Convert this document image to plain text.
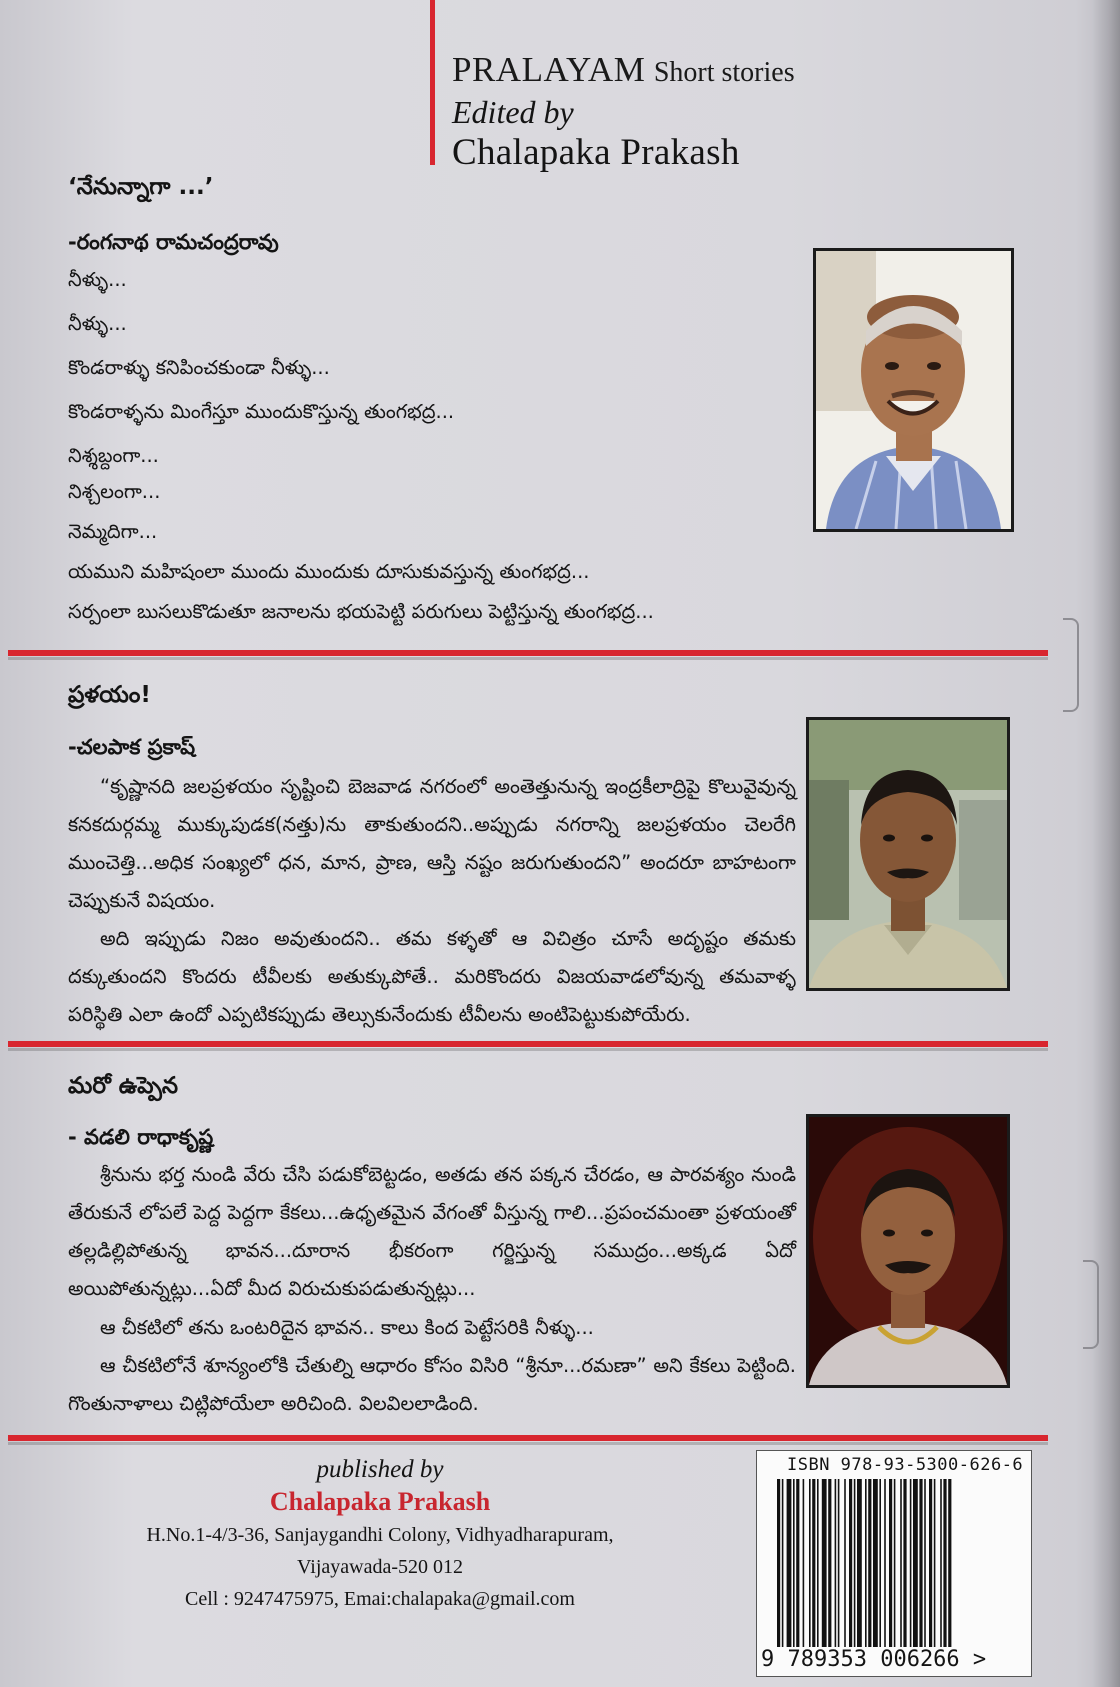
PRALAYAM Short stories
Edited by
Chalapaka Prakash
‘నేనున్నాగా ...’
-రంగనాథ రామచంద్రరావు
నీళ్ళు...
నీళ్ళు...
కొండరాళ్ళు కనిపించకుండా నీళ్ళు...
కొండరాళ్ళను మింగేస్తూ ముందుకొస్తున్న తుంగభద్ర...
నిశ్శబ్దంగా...
నిశ్చలంగా...
నెమ్మదిగా...
యముని మహిషంలా ముందు ముందుకు దూసుకువస్తున్న తుంగభద్ర...
సర్పంలా బుసలుకొడుతూ జనాలను భయపెట్టి పరుగులు పెట్టిస్తున్న తుంగభద్ర...
ప్రళయం!
-చలపాక ప్రకాష్
“కృష్ణానది జలప్రళయం సృష్టించి బెజవాడ నగరంలో అంతెత్తునున్న ఇంద్రకీలాద్రిపై కొలువైవున్న కనకదుర్గమ్మ ముక్కుపుడక(నత్తు)ను తాకుతుందని..అప్పుడు నగరాన్ని జలప్రళయం చెలరేగి ముంచెత్తి...అధిక సంఖ్యలో ధన, మాన, ప్రాణ, ఆస్తి నష్టం జరుగుతుందని” అందరూ బాహటంగా చెప్పుకునే విషయం.
అది ఇప్పుడు నిజం అవుతుందని.. తమ కళ్ళతో ఆ విచిత్రం చూసే అదృష్టం తమకు దక్కుతుందని కొందరు టీవీలకు అతుక్కుపోతే.. మరికొందరు విజయవాడలోవున్న తమవాళ్ళ పరిస్థితి ఎలా ఉందో ఎప్పటికప్పుడు తెల్సుకునేందుకు టీవీలను అంటిపెట్టుకుపోయేరు.
మరో ఉప్పెన
- వడలి రాధాకృష్ణ
శ్రీనును భర్త నుండి వేరు చేసి పడుకోబెట్టడం, అతడు తన పక్కన చేరడం, ఆ పారవశ్యం నుండి తేరుకునే లోపలే పెద్ద పెద్దగా కేకలు...ఉధృతమైన వేగంతో వీస్తున్న గాలి...ప్రపంచమంతా ప్రళయంతో తల్లడిల్లిపోతున్న భావన...దూరాన భీకరంగా గర్జిస్తున్న సముద్రం...అక్కడ ఏదో అయిపోతున్నట్లు...ఏదో మీద విరుచుకుపడుతున్నట్లు...
ఆ చీకటిలో తను ఒంటరిదైన భావన.. కాలు కింద పెట్టేసరికి నీళ్ళు...
ఆ చీకటిలోనే శూన్యంలోకి చేతుల్ని ఆధారం కోసం విసిరి “శ్రీనూ...రమణా” అని కేకలు పెట్టింది. గొంతునాళాలు చిట్లిపోయేలా అరిచింది. విలవిలలాడింది.
published by
Chalapaka Prakash
H.No.1-4/3-36, Sanjaygandhi Colony, Vidhyadharapuram,
Vijayawada-520 012
Cell : 9247475975, Emai:chalapaka@gmail.com
ISBN 978-93-5300-626-6
9 789353 006266 >
